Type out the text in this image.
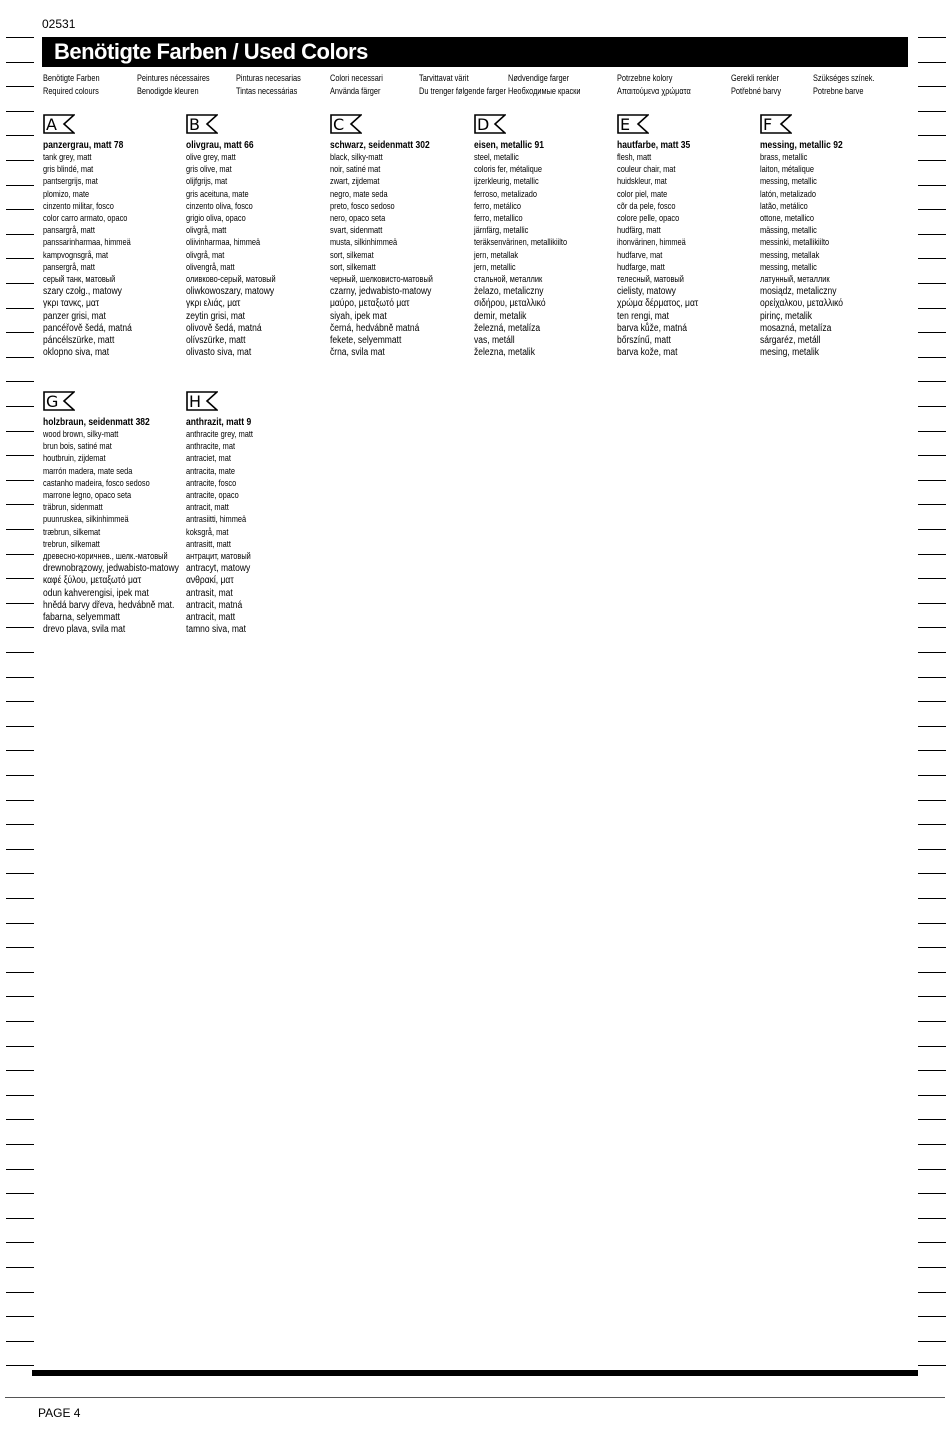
02531
Benötigte Farben / Used Colors
Benötigte Farben
Required colours
Peintures nécessaires
Benodigde kleuren
Pinturas necesarias
Tintas necessárias
Colori necessari
Använda färger
Tarvittavat värit
Du trenger følgende farger
Nødvendige farger
Необходимые краски
Potrzebne kolory
Απαιτούμενα χρώματα
Gerekli renkler
Potřebné barvy
Szükséges színek.
Potrebne barve
A
panzergrau, matt 78
tank grey, matt
gris blindé, mat
pantsergrijs, mat
plomizo, mate
cinzento militar, fosco
color carro armato, opaco
pansargrå, matt
panssarinharmaa, himmeä
kampvognsgrå, mat
pansergrå, matt
серый танк, матовый
szary czołg., matowy
γκρι τανκς, ματ
panzer grisi, mat
pancéřově šedá, matná
páncélszürke, matt
oklopno siva, mat
B
olivgrau, matt 66
olive grey, matt
gris olive, mat
olijfgrijs, mat
gris aceituna, mate
cinzento oliva, fosco
grigio oliva, opaco
olivgrå, matt
oliivinharmaa, himmeä
olivgrå, mat
olivengrå, matt
оливково-серый, матовый
oliwkowoszary, matowy
γκρι ελιάς, ματ
zeytin grisi, mat
olivově šedá, matná
olívszürke, matt
olivasto siva, mat
C
schwarz, seidenmatt 302
black, silky-matt
noir, satiné mat
zwart, zijdemat
negro, mate seda
preto, fosco sedoso
nero, opaco seta
svart, sidenmatt
musta, silkinhimmeä
sort, silkemat
sort, silkematt
черный, шелковисто-матовый
czarny, jedwabisto-matowy
μαύρο, μεταξωτό ματ
siyah, ipek mat
černá, hedvábně matná
fekete, selyemmatt
črna, svila mat
D
eisen, metallic 91
steel, metallic
coloris fer, métalique
ijzerkleurig, metallic
ferroso, metalizado
ferro, metálico
ferro, metallico
järnfärg, metallic
teräksenvärinen, metallikiilto
jern, metallak
jern, metallic
стальной, металлик
żelazo, metaliczny
σιδήρου, μεταλλικό
demir, metalik
železná, metalíza
vas, metáll
železna, metalik
E
hautfarbe, matt 35
flesh, matt
couleur chair, mat
huidskleur, mat
color piel, mate
cõr da pele, fosco
colore pelle, opaco
hudfärg, matt
ihonvärinen, himmeä
hudfarve, mat
hudfarge, matt
телесный, матовый
cielisty, matowy
χρώμα δέρματος, ματ
ten rengi, mat
barva kůže, matná
bőrszínű, matt
barva kože, mat
F
messing, metallic 92
brass, metallic
laiton, métalique
messing, metallic
latón, metalizado
latão, metálico
ottone, metallico
mässing, metallic
messinki, metallikiilto
messing, metallak
messing, metallic
латунный, металлик
mosiądz, metaliczny
ορείχαλκου, μεταλλικό
pirinç, metalik
mosazná, metalíza
sárgaréz, metáll
mesing, metalik
G
holzbraun, seidenmatt 382
wood brown, silky-matt
brun bois, satiné mat
houtbruin, zijdemat
marrón madera, mate seda
castanho madeira, fosco sedoso
marrone legno, opaco seta
träbrun, sidenmatt
puunruskea, silkinhimmeä
træbrun, silkemat
trebrun, silkematt
древесно-коричнев., шелк.-матовый
drewnobrązowy, jedwabisto-matowy
καφέ ξύλου, μεταξωτό ματ
odun kahverengisi, ipek mat
hnědá barvy dřeva, hedvábně mat.
fabarna, selyemmatt
drevo plava, svila mat
H
anthrazit, matt 9
anthracite grey, matt
anthracite, mat
antraciet, mat
antracita, mate
antracite, fosco
antracite, opaco
antracit, matt
antrasiitti, himmeä
koksgrå, mat
antrasitt, matt
антрацит, матовый
antracyt, matowy
ανθρακί, ματ
antrasit, mat
antracit, matná
antracit, matt
tamno siva, mat
PAGE 4
